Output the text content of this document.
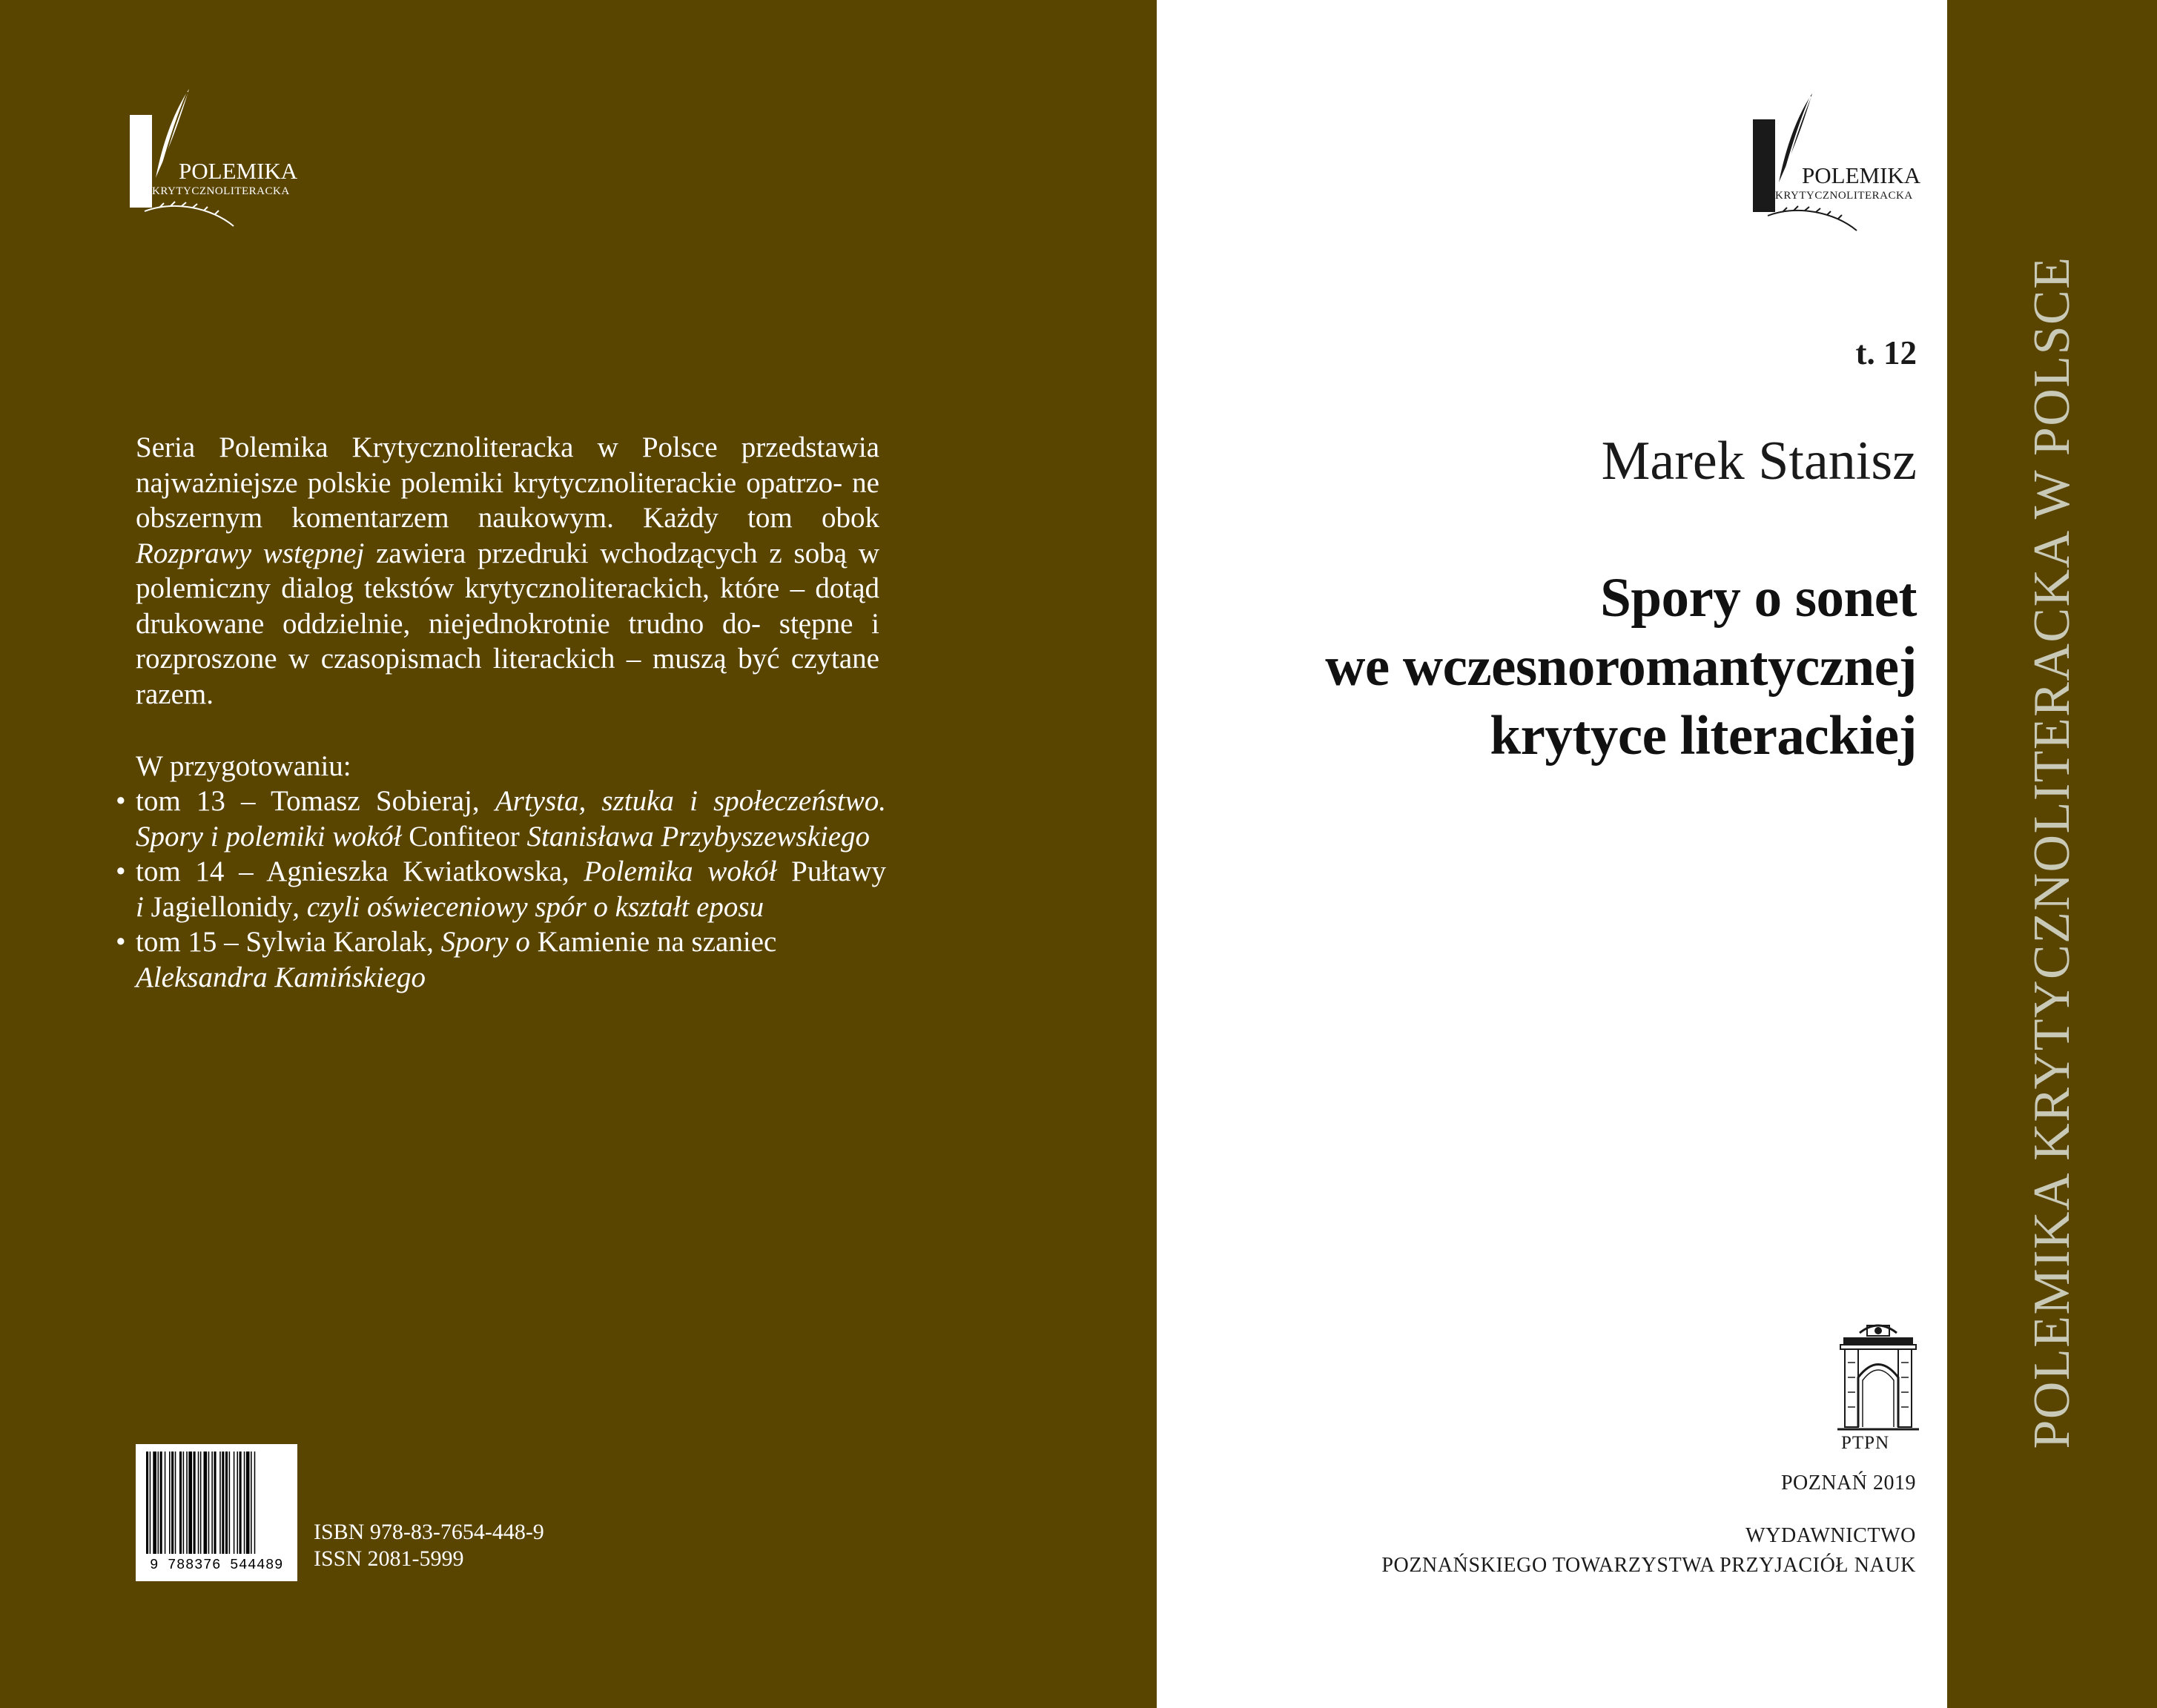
POLEMIKA
KRYTYCZNOLITERACKA

Seria Polemika Krytycznoliteracka w Polsce przedstawia najważniejsze polskie polemiki krytycznoliterackie opatrzo- ne obszernym komentarzem naukowym. Każdy tom obok Rozprawy wstępnej zawiera przedruki wchodzących z sobą w polemiczny dialog tekstów krytycznoliterackich, które – dotąd drukowane oddzielnie, niejednokrotnie trudno do- stępne i rozproszone w czasopismach literackich – muszą być czytane razem.

W przygotowaniu:
• tom 13 – Tomasz Sobieraj, Artysta, sztuka i społeczeństwo.
Spory i polemiki wokół Confiteor Stanisława Przybyszewskiego
• tom 14 – Agnieszka Kwiatkowska, Polemika wokół Pułtawy
i Jagiellonidy, czyli oświeceniowy spór o kształt eposu
• tom 15 – Sylwia Karolak, Spory o Kamienie na szaniec
Aleksandra Kamińskiego
9 788376 544489
ISBN 978-83-7654-448-9
ISSN 2081-5999
POLEMIKA
KRYTYCZNOLITERACKA
t. 12
Marek Stanisz
Spory o sonet
we wczesnoromantycznej
krytyce literackiej
PTPN
POZNAŃ 2019
WYDAWNICTWO
POZNAŃSKIEGO TOWARZYSTWA PRZYJACIÓŁ NAUK
POLEMIKA KRYTYCZNOLITERACKA W POLSCE
